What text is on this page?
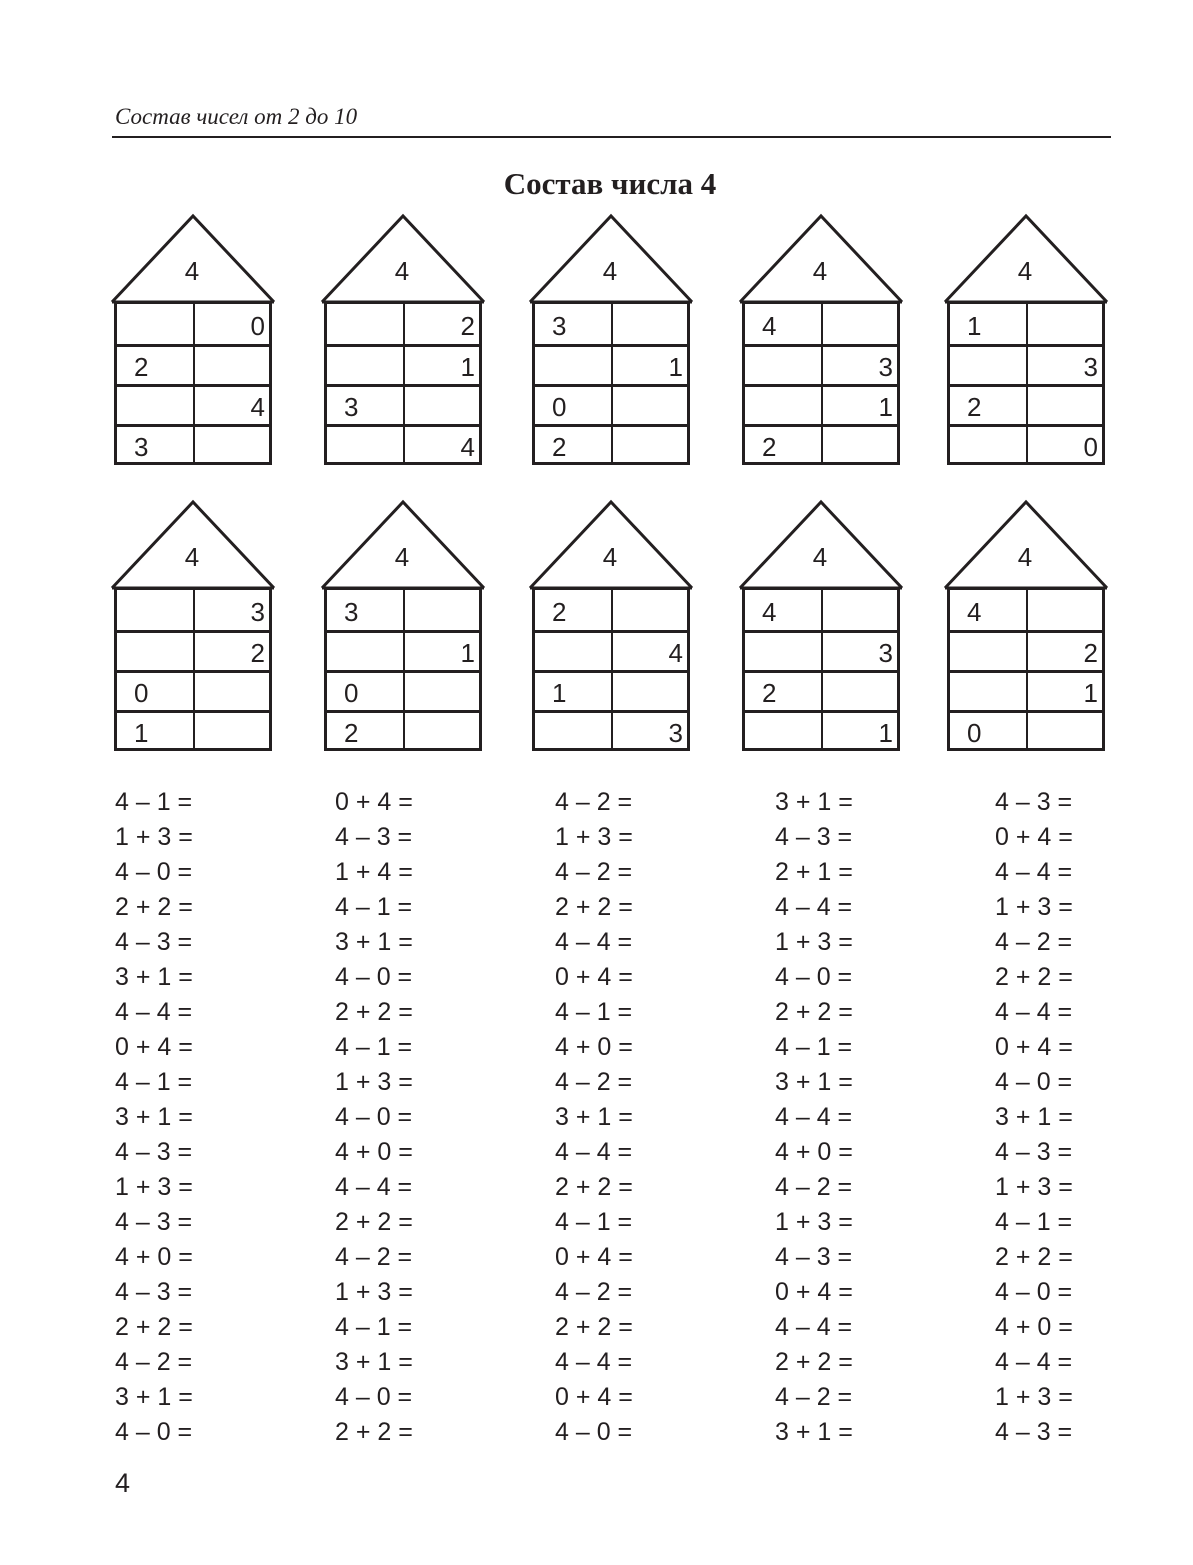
Состав чисел от 2 до 10
Состав числа 4
4
0
2
4
3
4
2
1
3
4
4
3
1
0
2
4
4
3
1
2
4
1
3
2
0
4
3
2
0
1
4
3
1
0
2
4
2
4
1
3
4
4
3
2
1
4
4
2
1
0
4 – 1 =
1 + 3 =
4 – 0 =
2 + 2 =
4 – 3 =
3 + 1 =
4 – 4 =
0 + 4 =
4 – 1 =
3 + 1 =
4 – 3 =
1 + 3 =
4 – 3 =
4 + 0 =
4 – 3 =
2 + 2 =
4 – 2 =
3 + 1 =
4 – 0 =
0 + 4 =
4 – 3 =
1 + 4 =
4 – 1 =
3 + 1 =
4 – 0 =
2 + 2 =
4 – 1 =
1 + 3 =
4 – 0 =
4 + 0 =
4 – 4 =
2 + 2 =
4 – 2 =
1 + 3 =
4 – 1 =
3 + 1 =
4 – 0 =
2 + 2 =
4 – 2 =
1 + 3 =
4 – 2 =
2 + 2 =
4 – 4 =
0 + 4 =
4 – 1 =
4 + 0 =
4 – 2 =
3 + 1 =
4 – 4 =
2 + 2 =
4 – 1 =
0 + 4 =
4 – 2 =
2 + 2 =
4 – 4 =
0 + 4 =
4 – 0 =
3 + 1 =
4 – 3 =
2 + 1 =
4 – 4 =
1 + 3 =
4 – 0 =
2 + 2 =
4 – 1 =
3 + 1 =
4 – 4 =
4 + 0 =
4 – 2 =
1 + 3 =
4 – 3 =
0 + 4 =
4 – 4 =
2 + 2 =
4 – 2 =
3 + 1 =
4 – 3 =
0 + 4 =
4 – 4 =
1 + 3 =
4 – 2 =
2 + 2 =
4 – 4 =
0 + 4 =
4 – 0 =
3 + 1 =
4 – 3 =
1 + 3 =
4 – 1 =
2 + 2 =
4 – 0 =
4 + 0 =
4 – 4 =
1 + 3 =
4 – 3 =
4
